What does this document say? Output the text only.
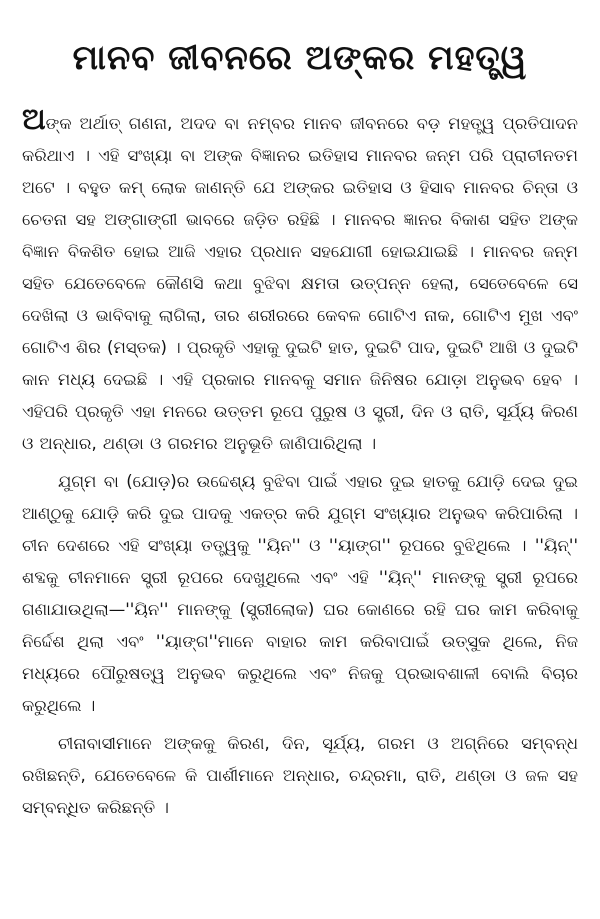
ମାନବ ଜୀବନରେ ଅଙ୍କର ମହତ୍ତ୍ୱ

ଅଙ୍କ ଅର୍ଥାତ୍ ଗଣନା, ଅଦଦ ବା ନମ୍ବର ମାନବ ଜୀବନରେ ବଡ଼ ମହତ୍ତ୍ୱ ପ୍ରତିପାଦନ କରିଥାଏ । ଏହି ସଂଖ୍ୟା ବା ଅଙ୍କ ବିଜ୍ଞାନର ଇତିହାସ ମାନବର ଜନ୍ମ ପରି ପ୍ରାଚୀନତମ ଅଟେ । ବହୁତ କମ୍ ଲୋକ ଜାଣନ୍ତି ଯେ ଅଙ୍କର ଇତିହାସ ଓ ହିସାବ ମାନବର ଚିନ୍ତା ଓ ଚେତନା ସହ ଅଙ୍ଗାଙ୍ଗୀ ଭାବରେ ଜଡ଼ିତ ରହିଛି । ମାନବର ଜ୍ଞାନର ବିକାଶ ସହିତ ଅଙ୍କ ବିଜ୍ଞାନ ବିକଶିତ ହୋଇ ଆଜି ଏହାର ପ୍ରଧାନ ସହଯୋଗୀ ହୋଇଯାଇଛି । ମାନବର ଜନ୍ମ ସହିତ ଯେତେବେଳେ କୌଣସି କଥା ବୁଝିବା କ୍ଷମତା ଉତ୍ପନ୍ନ ହେଲା, ସେତେବେଳେ ସେ ଦେଖିଲା ଓ ଭାବିବାକୁ ଲାଗିଲା, ତାର ଶରୀରରେ କେବଳ ଗୋଟିଏ ନାକ, ଗୋଟିଏ ମୁଖ ଏବଂ ଗୋଟିଏ ଶିର (ମସ୍ତକ) । ପ୍ରକୃତି ଏହାକୁ ଦୁଇଟି ହାତ, ଦୁଇଟି ପାଦ, ଦୁଇଟି ଆଖି ଓ ଦୁଇଟି କାନ ମଧ୍ୟ ଦେଇଛି । ଏହି ପ୍ରକାର ମାନବକୁ ସମାନ ଜିନିଷର ଯୋଡ଼ା ଅନୁଭବ ହେବ । ଏହିପରି ପ୍ରକୃତି ଏହା ମନରେ ଉତ୍ତମ ରୂପେ ପୁରୁଷ ଓ ସ୍ତ୍ରୀ, ଦିନ ଓ ରାତି, ସୂର୍ଯ୍ୟ କିରଣ ଓ ଅନ୍ଧାର, ଥଣ୍ଡା ଓ ଗରମର ଅନୁଭୂତି ଜାଣିପାରିଥିଲା ।

ଯୁଗ୍ମ ବା (ଯୋଡ଼)ର ଉଦ୍ଦେଶ୍ୟ ବୁଝିବା ପାଇଁ ଏହାର ଦୁଇ ହାତକୁ ଯୋଡ଼ି ଦେଇ ଦୁଇ ଆଣ୍ଠୁକୁ ଯୋଡ଼ି କରି ଦୁଇ ପାଦକୁ ଏକତ୍ର କରି ଯୁଗ୍ମ ସଂଖ୍ୟାର ଅନୁଭବ କରିପାରିଲା । ଚୀନ ଦେଶରେ ଏହି ସଂଖ୍ୟା ତତ୍ତ୍ୱକୁ ''ୟିନ'' ଓ ''ୟାଙ୍ଗ'' ରୂପରେ ବୁଝିଥିଲେ । ''ୟିନ୍'' ଶବ୍ଦକୁ ଚୀନମାନେ ସ୍ତ୍ରୀ ରୂପରେ ଦେଖୁଥିଲେ ଏବଂ ଏହି ''ୟିନ୍'' ମାନଙ୍କୁ ସ୍ତ୍ରୀ ରୂପରେ ଗଣାଯାଉଥିଲା—''ୟିନ'' ମାନଙ୍କୁ (ସ୍ତ୍ରୀଲୋକ) ଘର କୋଣରେ ରହି ଘର କାମ କରିବାକୁ ନିର୍ଦ୍ଦେଶ ଥିଲା ଏବଂ ''ୟାଙ୍ଗ''ମାନେ ବାହାର କାମ କରିବାପାଇଁ ଉତ୍ସୁକ ଥିଲେ, ନିଜ ମଧ୍ୟରେ ପୌରୁଷତ୍ୱ ଅନୁଭବ କରୁଥିଲେ ଏବଂ ନିଜକୁ ପ୍ରଭାବଶାଳୀ ବୋଲି ବିଚାର କରୁଥିଲେ ।

ଚୀନାବାସୀମାନେ ଅଙ୍କକୁ କିରଣ, ଦିନ, ସୂର୍ଯ୍ୟ, ଗରମ ଓ ଅଗ୍ନିରେ ସମ୍ବନ୍ଧ ରଖିଛନ୍ତି, ଯେତେବେଳେ କି ପାର୍ଶୀମାନେ ଅନ୍ଧାର, ଚନ୍ଦ୍ରମା, ରାତି, ଥଣ୍ଡା ଓ ଜଳ ସହ ସମ୍ବନ୍ଧିତ କରିଛନ୍ତି ।
